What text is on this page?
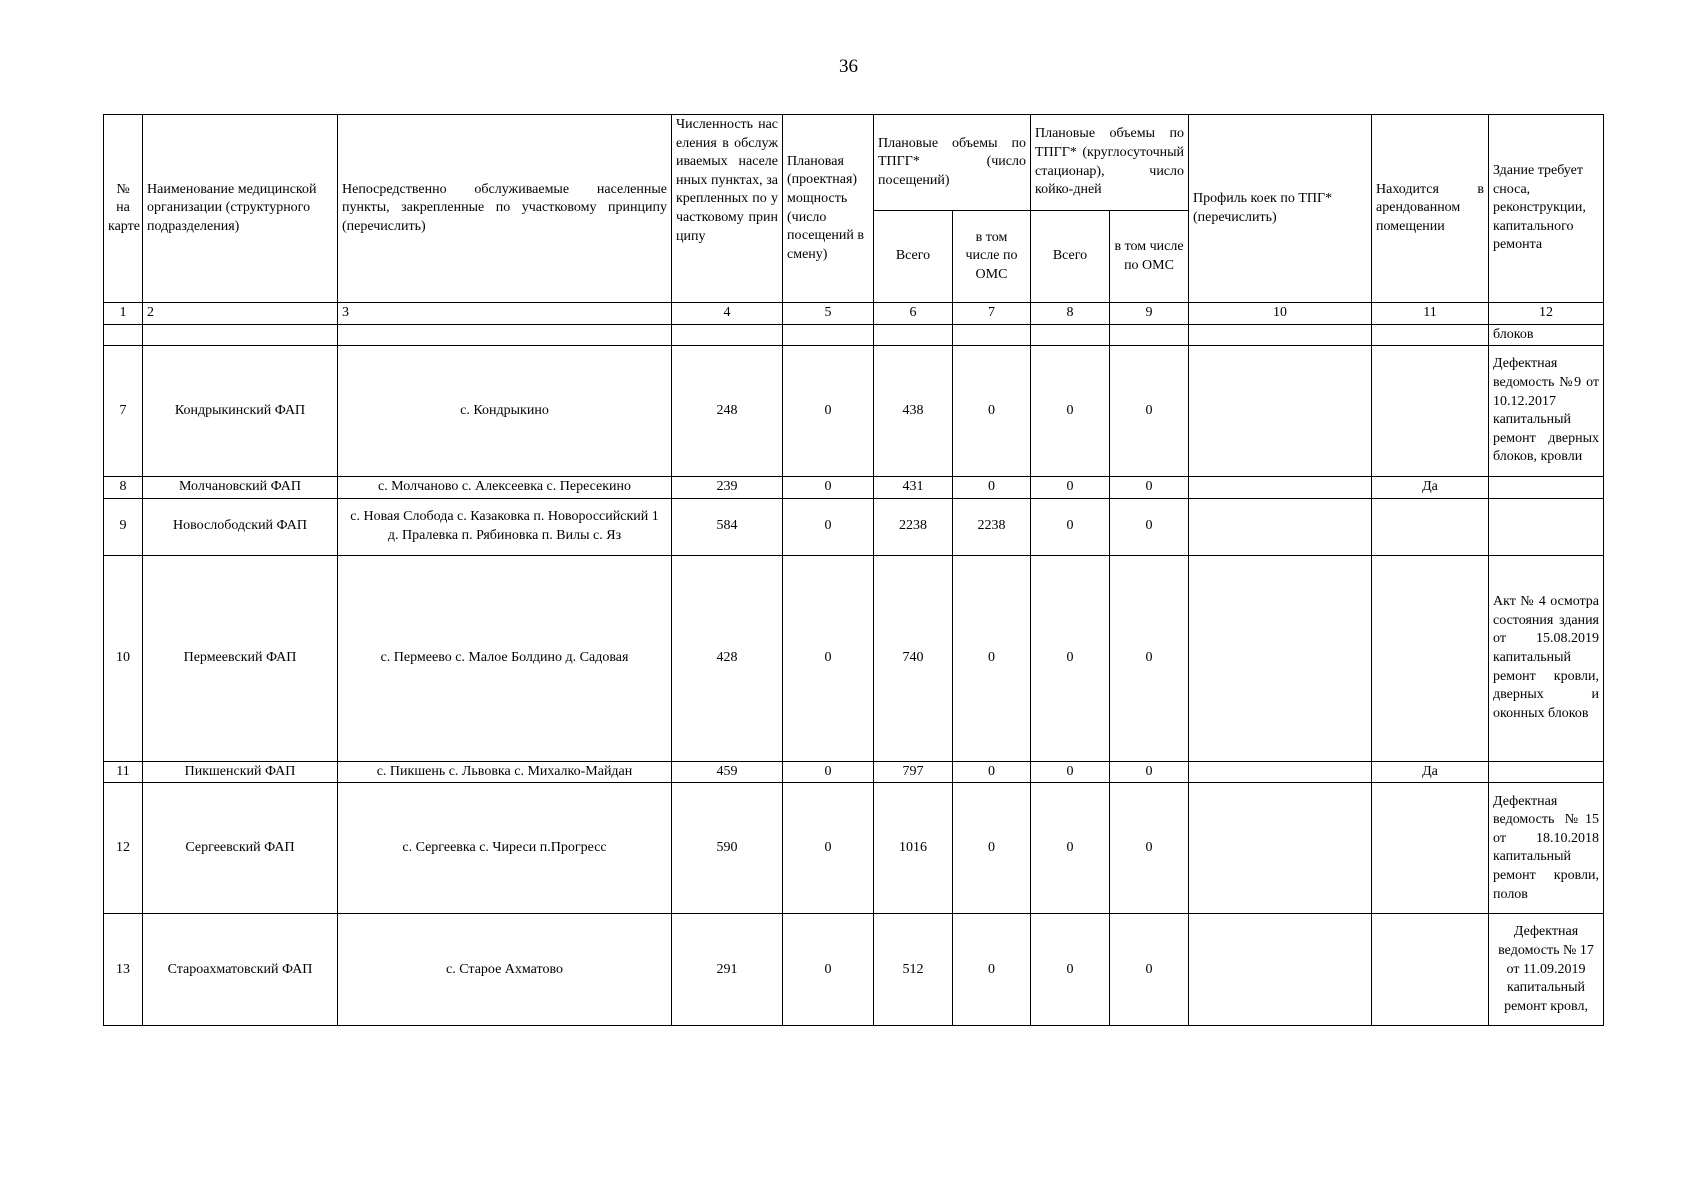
36
№ на карте	Наименование медицинской организации (структурного подразделения)	Непосредственно обслуживаемые населенные пункты, закрепленные по участковому принципу (перечислить)	Численность населения в обслуживаемых населенных пунктах, закрепленных по участковому принципу	Плановая (проектная) мощность (число посещений в смену)	Плановые объемы по ТПГГ* (число посещений)		Плановые объемы по ТПГГ* (круглосуточный стационар), число койко-дней		Профиль коек по ТПГ* (перечислить)	Находится в арендованном помещении	Здание требует сноса, реконструкции, капитального ремонта
					Всего	в том числе по ОМС	Всего	в том числе по ОМС			
1	2	3	4	5	6	7	8	9	10	11	12
											блоков
7	Кондрыкинский ФАП	с. Кондрыкино	248	0	438	0	0	0			Дефектная ведомость №9 от 10.12.2017 капитальный ремонт дверных блоков, кровли
8	Молчановский ФАП	с. Молчаново с. Алексеевка с. Пересекино	239	0	431	0	0	0		Да	
9	Новослободский ФАП	с. Новая Слобода с. Казаковка п. Новороссийский 1 д. Пралевка п. Рябиновка п. Вилы с. Яз	584	0	2238	2238	0	0			
10	Пермеевский ФАП	с. Пермеево с. Малое Болдино д. Садовая	428	0	740	0	0	0			Акт № 4 осмотра состояния здания от 15.08.2019 капитальный ремонт кровли, дверных и оконных блоков
11	Пикшенский ФАП	с. Пикшень с. Львовка с. Михалко-Майдан	459	0	797	0	0	0		Да	
12	Сергеевский ФАП	с. Сергеевка с. Чиреси п.Прогресс	590	0	1016	0	0	0			Дефектная ведомость №15 от 18.10.2018 капитальный ремонт кровли, полов
13	Староахматовский ФАП	с. Старое Ахматово	291	0	512	0	0	0			Дефектная ведомость № 17 от 11.09.2019 капитальный ремонт кровл,
